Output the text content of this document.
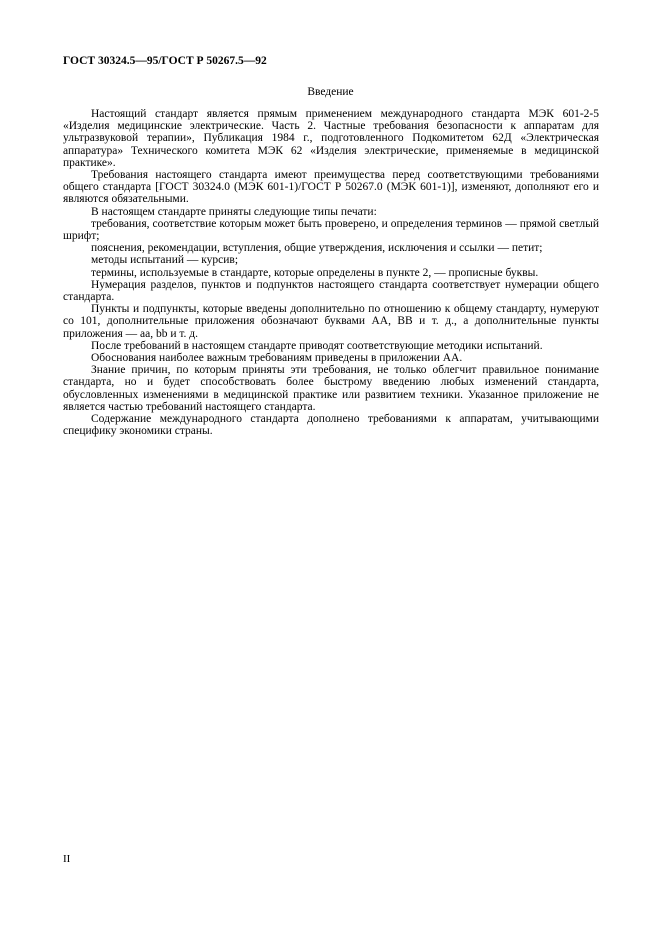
ГОСТ 30324.5—95/ГОСТ Р 50267.5—92
Введение

Настоящий стандарт является прямым применением международного стандарта МЭК 601-2-5 «Изделия медицинские электрические. Часть 2. Частные требования безопасности к аппаратам для ультразвуковой терапии», Публикация 1984 г., подготовленного Подкомитетом 62Д «Электрическая аппаратура» Технического комитета МЭК 62 «Изделия электрические, применяемые в медицинской практике».

Требования настоящего стандарта имеют преимущества перед соответствующими требованиями общего стандарта [ГОСТ 30324.0 (МЭК 601-1)/ГОСТ Р 50267.0 (МЭК 601-1)], изменяют, дополняют его и являются обязательными.

В настоящем стандарте приняты следующие типы печати:

требования, соответствие которым может быть проверено, и определения терминов — прямой светлый шрифт;

пояснения, рекомендации, вступления, общие утверждения, исключения и ссылки — петит;

методы испытаний — курсив;

термины, используемые в стандарте, которые определены в пункте 2, — прописные буквы.

Нумерация разделов, пунктов и подпунктов настоящего стандарта соответствует нумерации общего стандарта.

Пункты и подпункты, которые введены дополнительно по отношению к общему стандарту, нумеруют со 101, дополнительные приложения обозначают буквами АА, ВВ и т. д., а дополнительные пункты приложения — аа, bb и т. д.

После требований в настоящем стандарте приводят соответствующие методики испытаний.

Обоснования наиболее важным требованиям приведены в приложении АА.

Знание причин, по которым приняты эти требования, не только облегчит правильное понимание стандарта, но и будет способствовать более быстрому введению любых изменений стандарта, обусловленных изменениями в медицинской практике или развитием техники. Указанное приложение не является частью требований настоящего стандарта.

Содержание международного стандарта дополнено требованиями к аппаратам, учитывающими специфику экономики страны.

II
